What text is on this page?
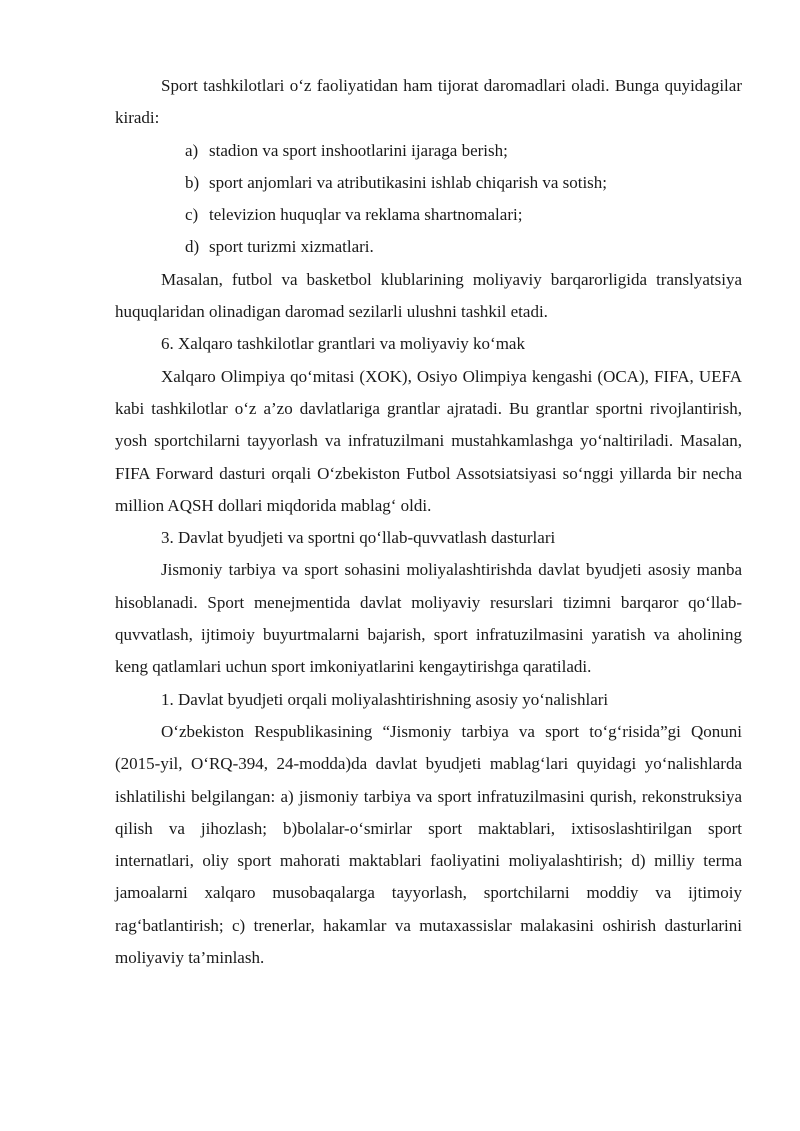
Sport tashkilotlari o‘z faoliyatidan ham tijorat daromadlari oladi. Bunga quyidagilar kiradi:

a) stadion va sport inshootlarini ijaraga berish;
b) sport anjomlari va atributikasini ishlab chiqarish va sotish;
c) televizion huquqlar va reklama shartnomalari;
d) sport turizmi xizmatlari.

Masalan, futbol va basketbol klublarining moliyaviy barqarorligida translyatsiya huquqlaridan olinadigan daromad sezilarli ulushni tashkil etadi.

6. Xalqaro tashkilotlar grantlari va moliyaviy ko‘mak

Xalqaro Olimpiya qo‘mitasi (XOK), Osiyo Olimpiya kengashi (OCA), FIFA, UEFA kabi tashkilotlar o‘z a’zo davlatlariga grantlar ajratadi. Bu grantlar sportni rivojlantirish, yosh sportchilarni tayyorlash va infratuzilmani mustahkamlashga yo‘naltiriladi. Masalan, FIFA Forward dasturi orqali O‘zbekiston Futbol Assotsiatsiyasi so‘nggi yillarda bir necha million AQSH dollari miqdorida mablag‘ oldi.

3. Davlat byudjeti va sportni qo‘llab-quvvatlash dasturlari

Jismoniy tarbiya va sport sohasini moliyalashtirishda davlat byudjeti asosiy manba hisoblanadi. Sport menejmentida davlat moliyaviy resurslari tizimni barqaror qo‘llab-quvvatlash, ijtimoiy buyurtmalarni bajarish, sport infratuzilmasini yaratish va aholining keng qatlamlari uchun sport imkoniyatlarini kengaytirishga qaratiladi.

1. Davlat byudjeti orqali moliyalashtirishning asosiy yo‘nalishlari

O‘zbekiston Respublikasining “Jismoniy tarbiya va sport to‘g‘risida”gi Qonuni (2015-yil, O‘RQ-394, 24-modda)da davlat byudjeti mablag‘lari quyidagi yo‘nalishlarda ishlatilishi belgilangan: a) jismoniy tarbiya va sport infratuzilmasini qurish, rekonstruksiya qilish va jihozlash; b)bolalar-o‘smirlar sport maktablari, ixtisoslashtirilgan sport internatlari, oliy sport mahorati maktablari faoliyatini moliyalashtirish; d) milliy terma jamoalarni xalqaro musobaqalarga tayyorlash, sportchilarni moddiy va ijtimoiy rag‘batlantirish; c) trenerlar, hakamlar va mutaxassislar malakasini oshirish dasturlarini moliyaviy ta’minlash.
